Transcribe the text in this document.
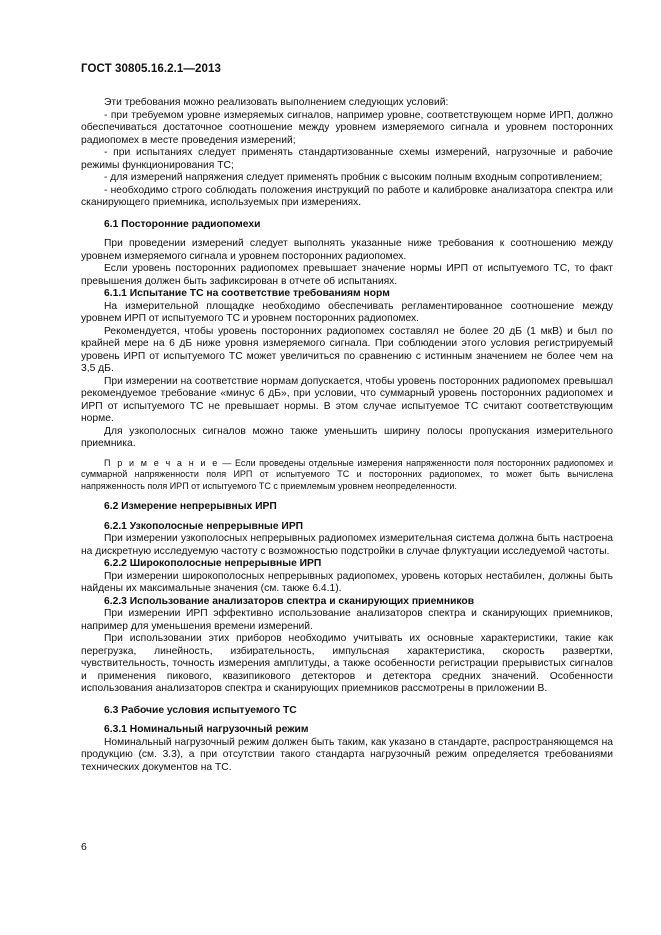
ГОСТ 30805.16.2.1—2013

Эти требования можно реализовать выполнением следующих условий:

- при требуемом уровне измеряемых сигналов, например уровне, соответствующем норме ИРП, должно обеспечиваться достаточное соотношение между уровнем измеряемого сигнала и уровнем посторонних радиопомех в месте проведения измерений;

- при испытаниях следует применять стандартизованные схемы измерений, нагрузочные и рабочие режимы функционирования ТС;

- для измерений напряжения следует применять пробник с высоким полным входным сопротивлением;

- необходимо строго соблюдать положения инструкций по работе и калибровке анализатора спектра или сканирующего приемника, используемых при измерениях.

6.1 Посторонние радиопомехи

При проведении измерений следует выполнять указанные ниже требования к соотношению между уровнем измеряемого сигнала и уровнем посторонних радиопомех.

Если уровень посторонних радиопомех превышает значение нормы ИРП от испытуемого ТС, то факт превышения должен быть зафиксирован в отчете об испытаниях.

6.1.1 Испытание ТС на соответствие требованиям норм

На измерительной площадке необходимо обеспечивать регламентированное соотношение между уровнем ИРП от испытуемого ТС и уровнем посторонних радиопомех.

Рекомендуется, чтобы уровень посторонних радиопомех составлял не более 20 дБ (1 мкВ) и был по крайней мере на 6 дБ ниже уровня измеряемого сигнала. При соблюдении этого условия регистрируемый уровень ИРП от испытуемого ТС может увеличиться по сравнению с истинным значением не более чем на 3,5 дБ.

При измерении на соответствие нормам допускается, чтобы уровень посторонних радиопомех превышал рекомендуемое требование «минус 6 дБ», при условии, что суммарный уровень посторонних радиопомех и ИРП от испытуемого ТС не превышает нормы. В этом случае испытуемое ТС считают соответствующим норме.

Для узкополосных сигналов можно также уменьшить ширину полосы пропускания измерительного приемника.

П р и м е ч а н и е — Если проведены отдельные измерения напряженности поля посторонних радиопомех и суммарной напряженности поля ИРП от испытуемого ТС и посторонних радиопомех, то может быть вычислена напряженность поля ИРП от испытуемого ТС с приемлемым уровнем неопределенности.

6.2 Измерение непрерывных ИРП
6.2.1 Узкополосные непрерывные ИРП

При измерении узкополосных непрерывных радиопомех измерительная система должна быть настроена на дискретную исследуемую частоту с возможностью подстройки в случае флуктуации исследуемой частоты.

6.2.2 Широкополосные непрерывные ИРП

При измерении широкополосных непрерывных радиопомех, уровень которых нестабилен, должны быть найдены их максимальные значения (см. также 6.4.1).

6.2.3 Использование анализаторов спектра и сканирующих приемников

При измерении ИРП эффективно использование анализаторов спектра и сканирующих приемников, например для уменьшения времени измерений.

При использовании этих приборов необходимо учитывать их основные характеристики, такие как перегрузка, линейность, избирательность, импульсная характеристика, скорость развертки, чувствительность, точность измерения амплитуды, а также особенности регистрации прерывистых сигналов и применения пикового, квазипикового детекторов и детектора средних значений. Особенности использования анализаторов спектра и сканирующих приемников рассмотрены в приложении В.

6.3 Рабочие условия испытуемого ТС
6.3.1 Номинальный нагрузочный режим

Номинальный нагрузочный режим должен быть таким, как указано в стандарте, распространяющемся на продукцию (см. 3.3), а при отсутствии такого стандарта нагрузочный режим определяется требованиями технических документов на ТС.

6
